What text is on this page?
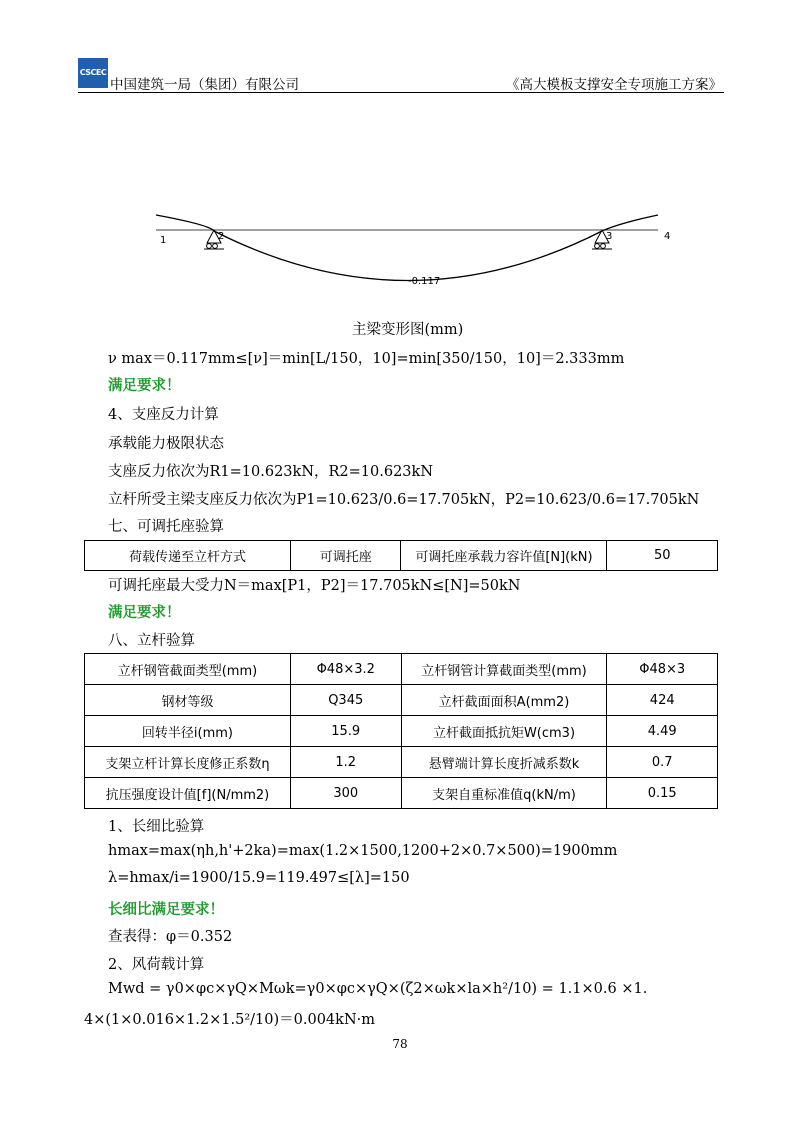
CSCEC
中国建筑一局（集团）有限公司	《高大模板支撑安全专项施工方案》
1	2	3	4
-0.117
主梁变形图(mm)
ν max＝0.117mm≤[ν]＝min[L/150，10]=min[350/150，10]＝2.333mm
满足要求！
4、支座反力计算
承载能力极限状态
支座反力依次为R1=10.623kN，R2=10.623kN
立杆所受主梁支座反力依次为P1=10.623/0.6=17.705kN，P2=10.623/0.6=17.705kN
七、可调托座验算
荷载传递至立杆方式	可调托座	可调托座承载力容许值[N](kN)	50
可调托座最大受力N＝max[P1，P2]＝17.705kN≤[N]=50kN
满足要求！
八、立杆验算
立杆钢管截面类型(mm)	Φ48×3.2	立杆钢管计算截面类型(mm)	Φ48×3
钢材等级	Q345	立杆截面面积A(mm2)	424
回转半径i(mm)	15.9	立杆截面抵抗矩W(cm3)	4.49
支架立杆计算长度修正系数η	1.2	悬臂端计算长度折减系数k	0.7
抗压强度设计值[f](N/mm2)	300	支架自重标准值q(kN/m)	0.15
1、长细比验算
hmax=max(ηh,h'+2ka)=max(1.2×1500,1200+2×0.7×500)=1900mm
λ=hmax/i=1900/15.9=119.497≤[λ]=150
长细比满足要求！
查表得：φ＝0.352
2、风荷载计算
Mwd = γ0×φc×γQ×Mωk=γ0×φc×γQ×(ζ2×ωk×la×h²/10) = 1.1×0.6 ×1.
4×(1×0.016×1.2×1.5²/10)＝0.004kN·m
78
